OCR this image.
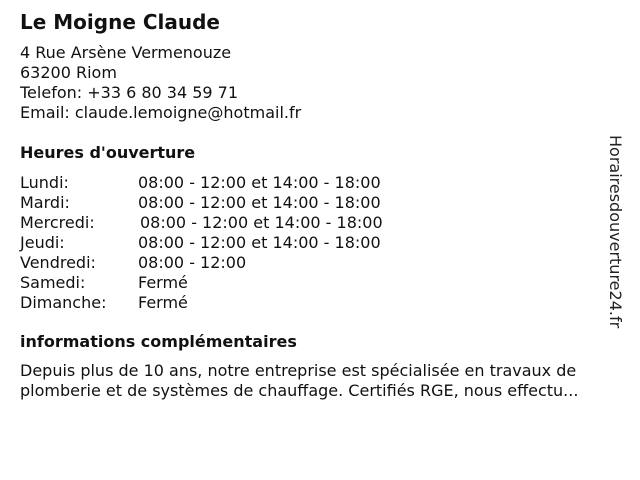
Le Moigne Claude
4 Rue Arsène Vermenouze
63200 Riom
Telefon: +33 6 80 34 59 71
Email: claude.lemoigne@hotmail.fr
Heures d'ouverture
Lundi:	08:00 - 12:00 et 14:00 - 18:00
Mardi:	08:00 - 12:00 et 14:00 - 18:00
Mercredi:	08:00 - 12:00 et 14:00 - 18:00
Jeudi:	08:00 - 12:00 et 14:00 - 18:00
Vendredi:	08:00 - 12:00
Samedi:	Fermé
Dimanche: Fermé
informations complémentaires
Depuis plus de 10 ans, notre entreprise est spécialisée en travaux de
plomberie et de systèmes de chauffage. Certifiés RGE, nous effectu...
Horairesdouverture24.fr
